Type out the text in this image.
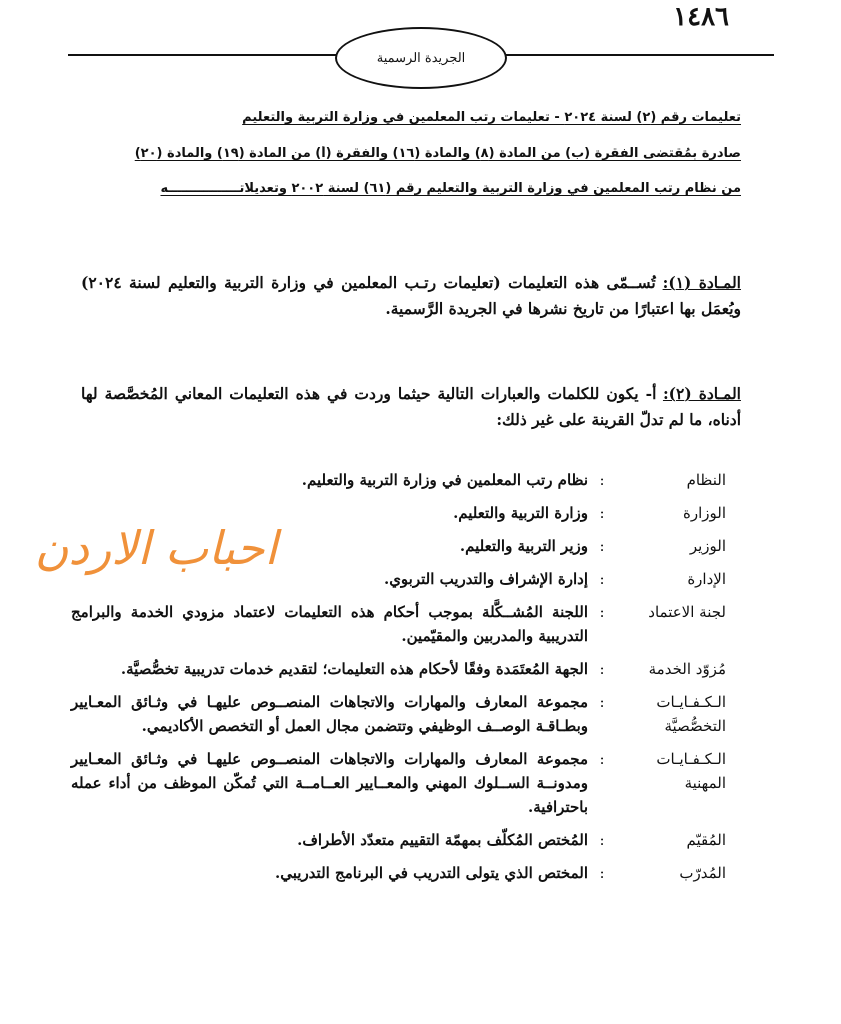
١٤٨٦
الجريدة الرسمية
تعليمات رقم (٢) لسنة ٢٠٢٤ - تعليمات رتب المعلمين في وزارة التربية والتعليم
صادرة بمُقتضى الفقرة (ب) من المادة (٨) والمادة (١٦) والفقرة (أ) من المادة (١٩) والمادة (٢٠)
من نظام رتب المعلمين في وزارة التربية والتعليم رقم (٦١) لسنة ٢٠٠٢ وتعديلاتــــــــــــــــه
المـادة (١): تُســمّى هذه التعليمات (تعليمات رتـب المعلمين في وزارة التربية والتعليم لسنة ٢٠٢٤) ويُعمَل بها اعتبارًا من تاريخ نشرها في الجريدة الرَّسمية.
المـادة (٢): أ- يكون للكلمات والعبارات التالية حيثما وردت في هذه التعليمات المعاني المُخصَّصة لها أدناه، ما لم تدلّ القرينة على غير ذلك:
النظام
:
نظام رتب المعلمين في وزارة التربية والتعليم.
الوزارة
:
وزارة التربية والتعليم.
الوزير
:
وزير التربية والتعليم.
الإدارة
:
إدارة الإشراف والتدريب التربوي.
لجنة الاعتماد
:
اللجنة المُشــكَّلة بموجب أحكام هذه التعليمات لاعتماد مزودي الخدمة والبرامج التدريبية والمدربين والمقيّمين.
مُزوّد الخدمة
:
الجهة المُعتَمَدة وفقًا لأحكام هذه التعليمات؛ لتقديم خدمات تدريبية تخصُّصيَّة.
الـكـفـايـات التخصُّصيَّة
:
مجموعة المعارف والمهارات والاتجاهات المنصــوص عليهـا في وثـائق المعـايير وبطـاقـة الوصــف الوظيفي وتتضمن مجال العمل أو التخصص الأكاديمي.
الـكـفـايـات المهنية
:
مجموعة المعارف والمهارات والاتجاهات المنصــوص عليهـا في وثـائق المعـايير ومدونــة الســلوك المهني والمعــايير العــامــة التي تُمكّن الموظف من أداء عمله باحترافية.
المُقيّم
:
المُختص المُكلّف بمهمّة التقييم متعدّد الأطراف.
المُدرّب
:
المختص الذي يتولى التدريب في البرنامج التدريبي.
احباب الاردن
